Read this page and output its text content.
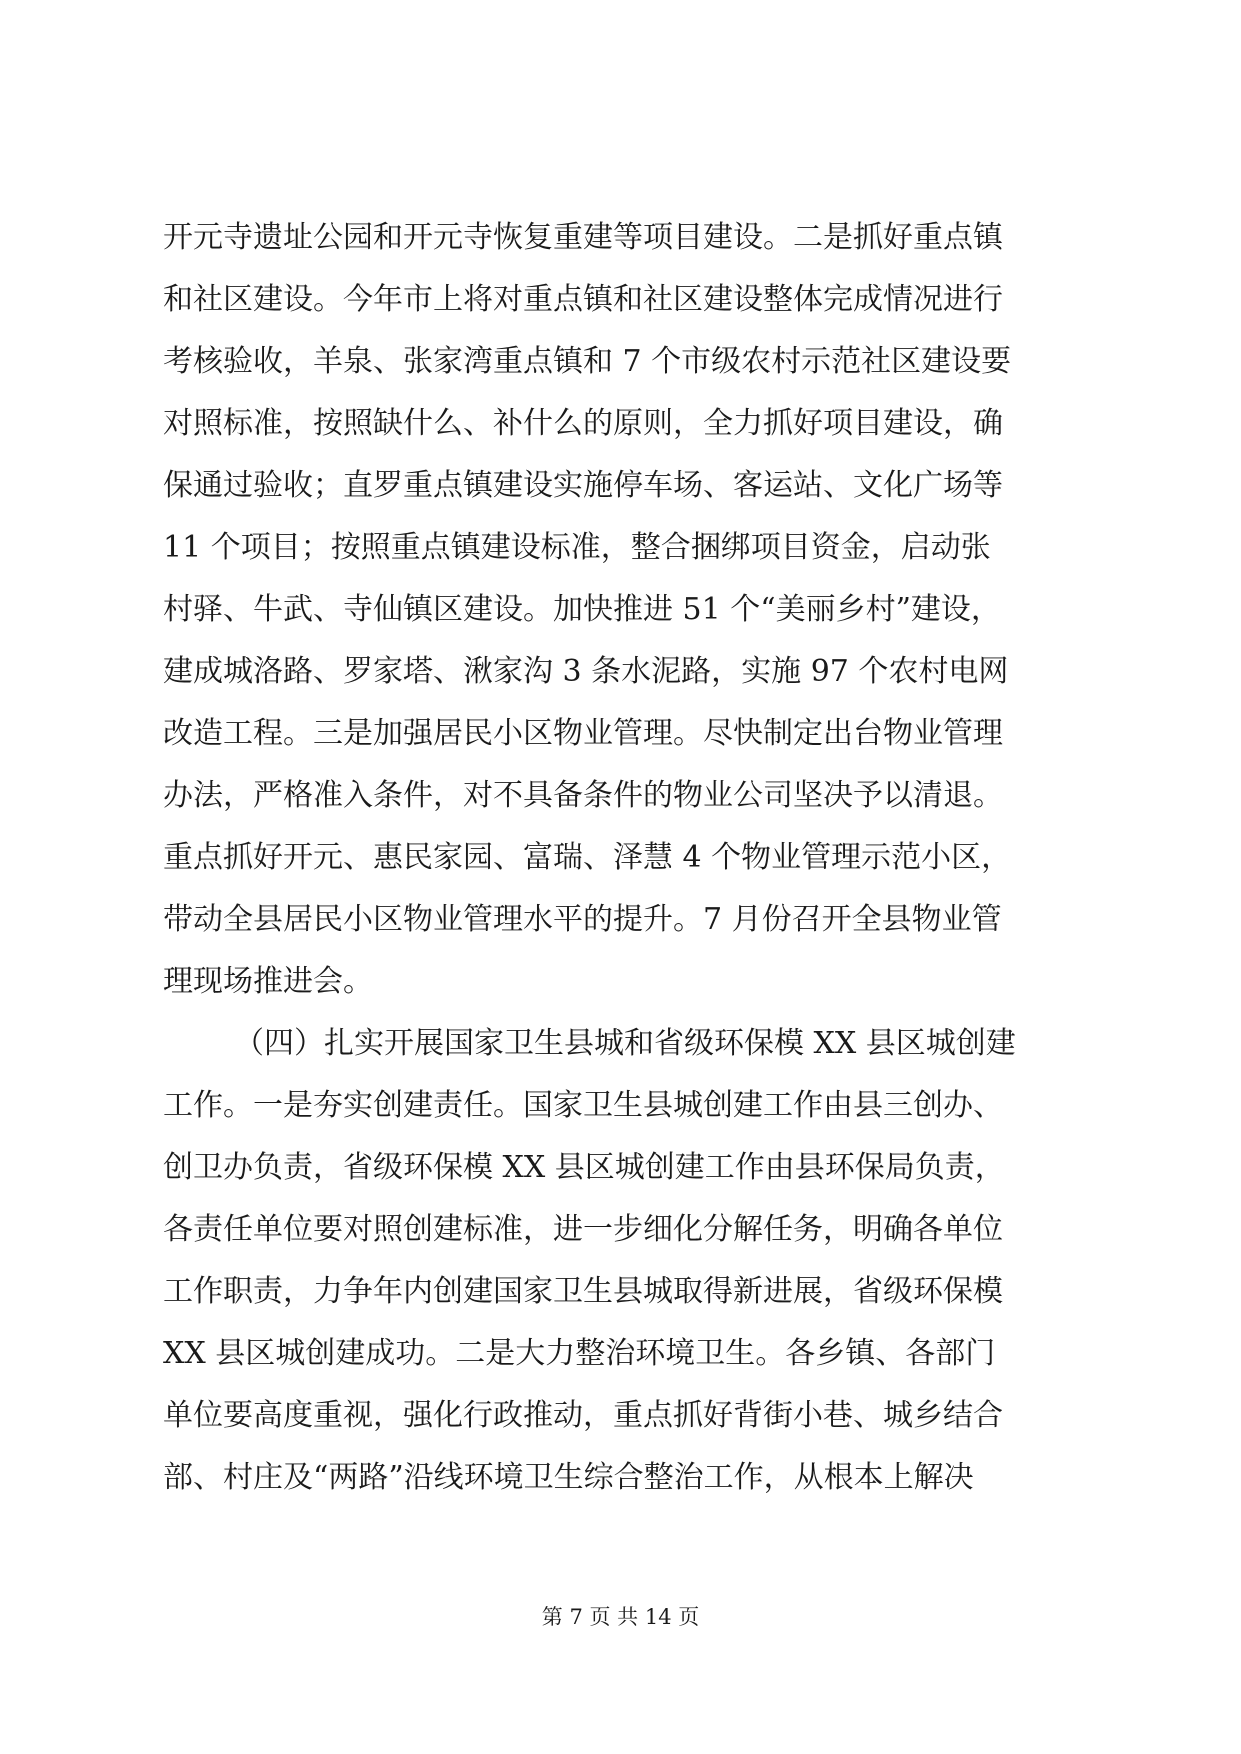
开元寺遗址公园和开元寺恢复重建等项目建设。二是抓好重点镇
和社区建设。今年市上将对重点镇和社区建设整体完成情况进行
考核验收，羊泉、张家湾重点镇和 7 个市级农村示范社区建设要
对照标准，按照缺什么、补什么的原则，全力抓好项目建设，确
保通过验收；直罗重点镇建设实施停车场、客运站、文化广场等
11 个项目；按照重点镇建设标准，整合捆绑项目资金，启动张
村驿、牛武、寺仙镇区建设。加快推进 51 个“美丽乡村”建设，
建成城洛路、罗家塔、湫家沟 3 条水泥路，实施 97 个农村电网
改造工程。三是加强居民小区物业管理。尽快制定出台物业管理
办法，严格准入条件，对不具备条件的物业公司坚决予以清退。
重点抓好开元、惠民家园、富瑞、泽慧 4 个物业管理示范小区，
带动全县居民小区物业管理水平的提升。7 月份召开全县物业管
理现场推进会。
（四）扎实开展国家卫生县城和省级环保模 XX 县区城创建
工作。一是夯实创建责任。国家卫生县城创建工作由县三创办、
创卫办负责，省级环保模 XX 县区城创建工作由县环保局负责，
各责任单位要对照创建标准，进一步细化分解任务，明确各单位
工作职责，力争年内创建国家卫生县城取得新进展，省级环保模
XX 县区城创建成功。二是大力整治环境卫生。各乡镇、各部门
单位要高度重视，强化行政推动，重点抓好背街小巷、城乡结合
部、村庄及“两路”沿线环境卫生综合整治工作，从根本上解决
第 7 页 共 14 页
